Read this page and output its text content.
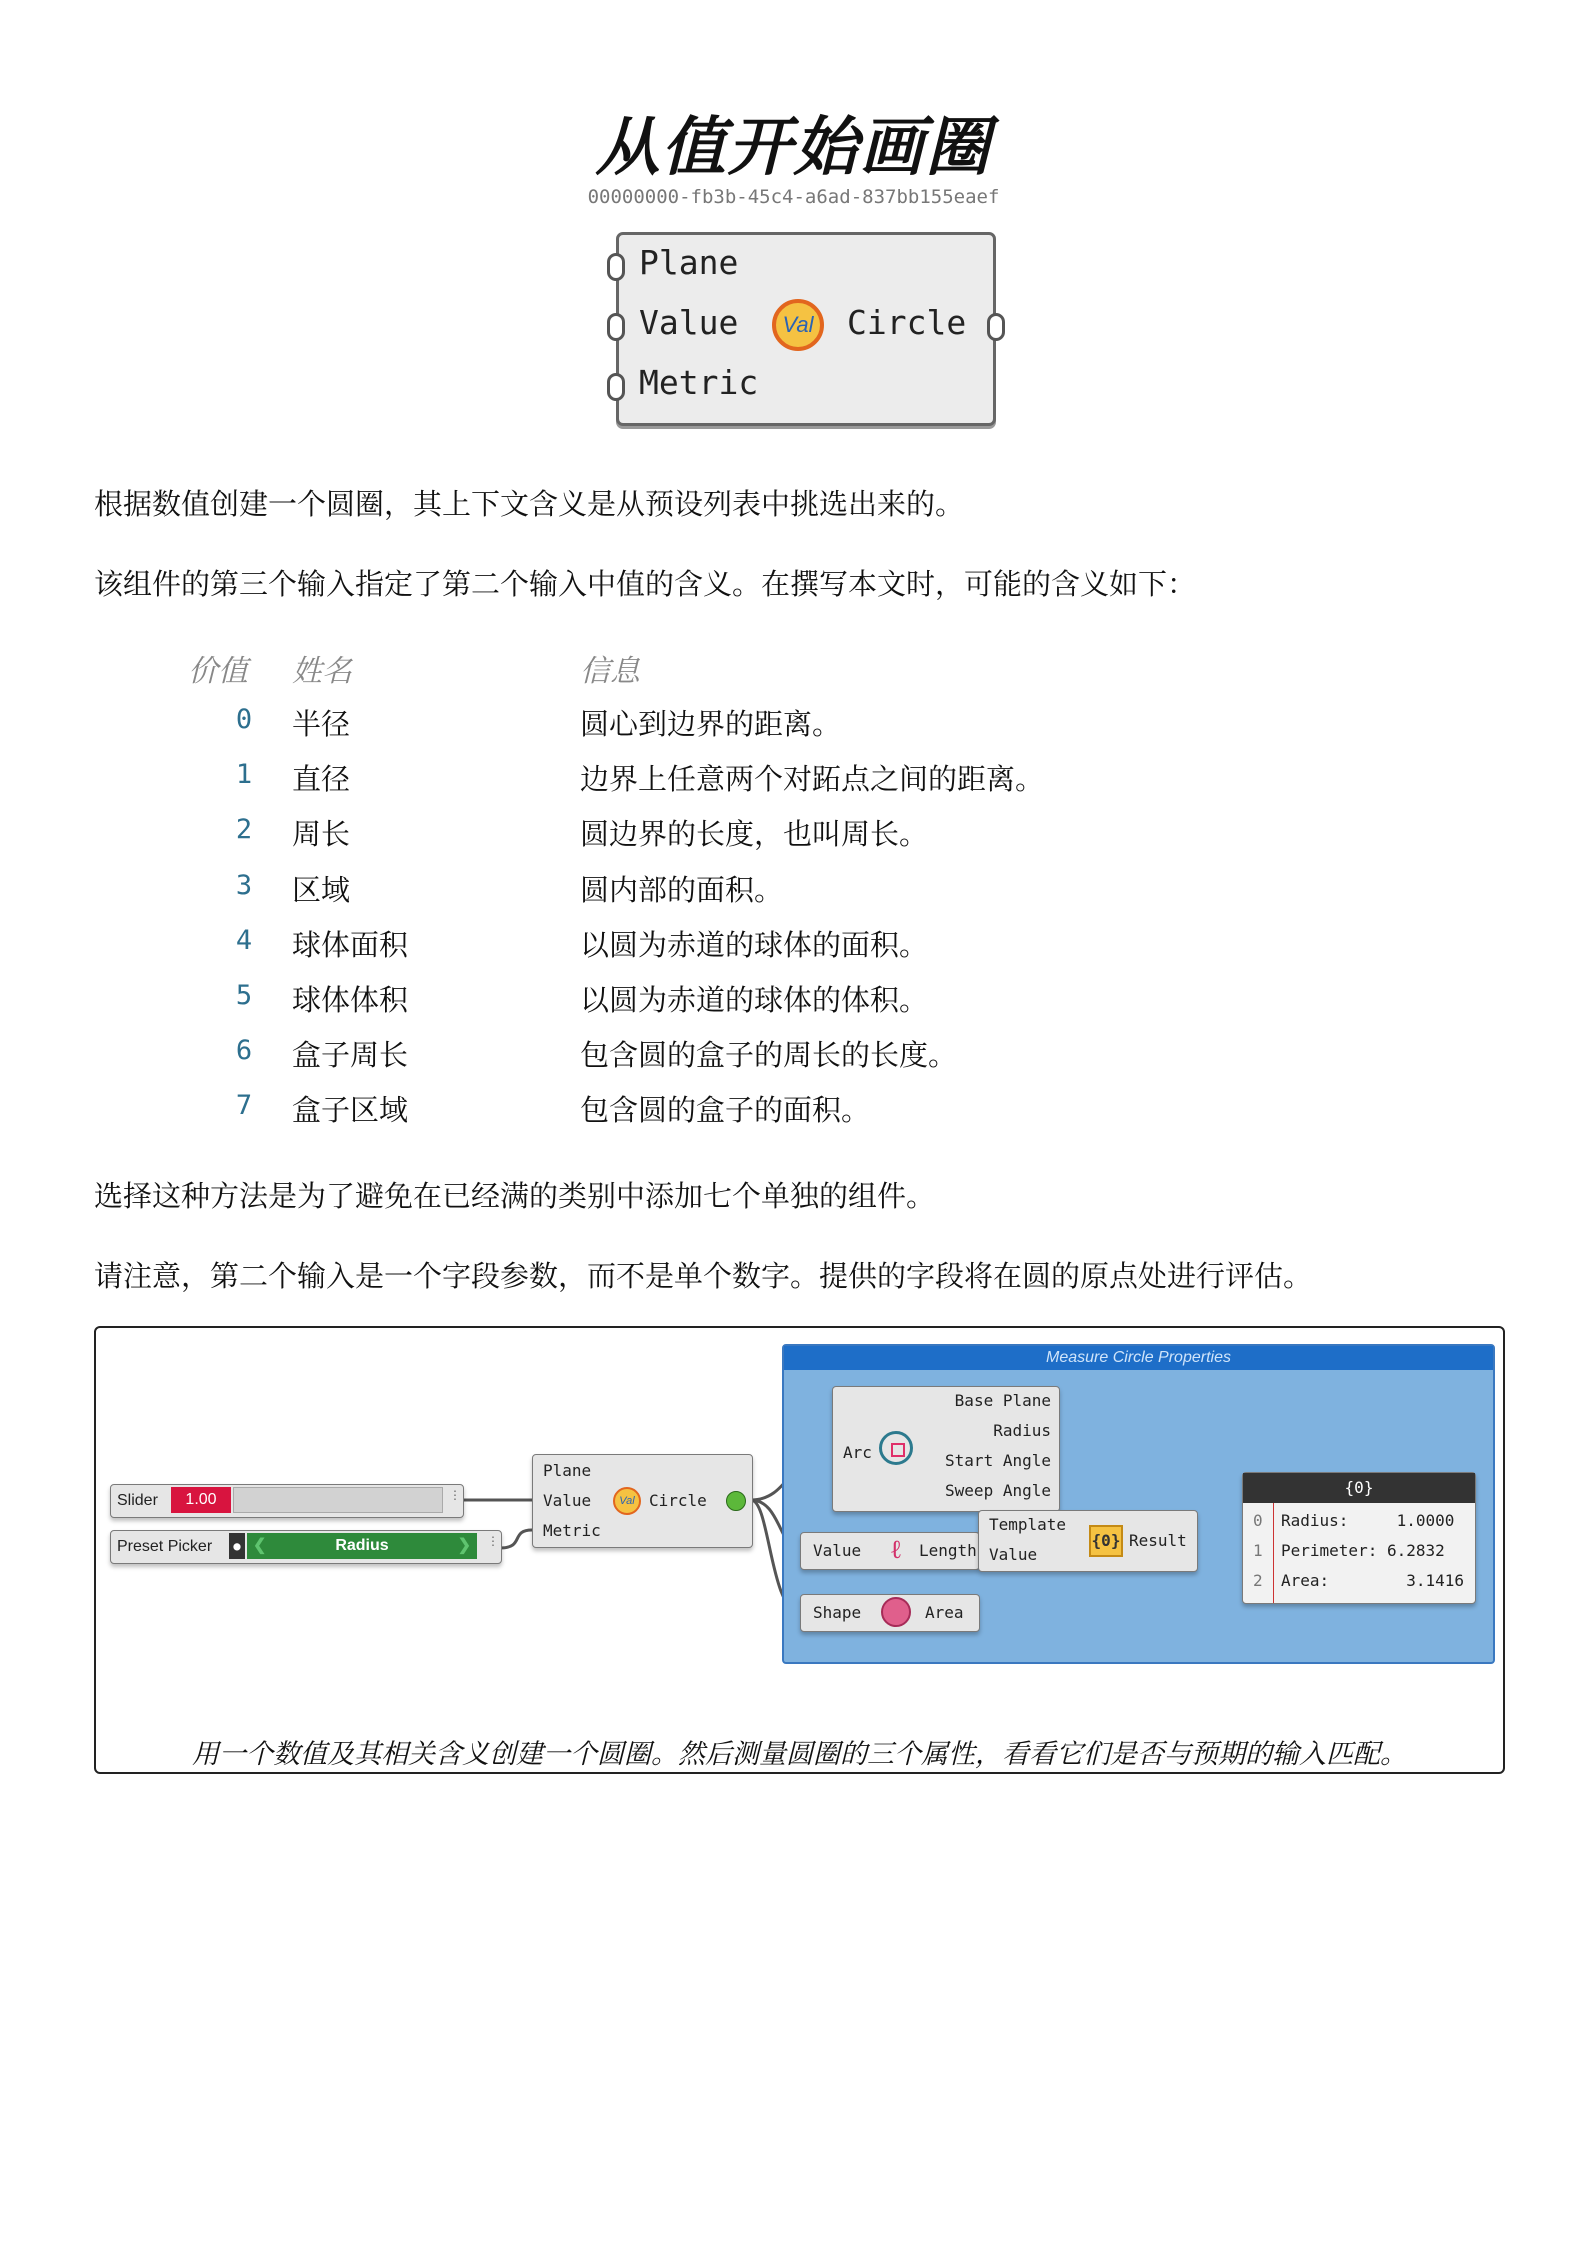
从值开始画圈
00000000-fb3b-45c4-a6ad-837bb155eaef
Plane
Value
Metric
Val Circle
根据数值创建一个圆圈，其上下文含义是从预设列表中挑选出来的。
该组件的第三个输入指定了第二个输入中值的含义。在撰写本文时，可能的含义如下：
价值 姓名	信息
0	半径	圆心到边界的距离。
1	直径	边界上任意两个对跖点之间的距离。
2	周长	圆边界的长度，也叫周长。
3	区域	圆内部的面积。
4	球体面积	以圆为赤道的球体的面积。
5	球体体积	以圆为赤道的球体的体积。
6	盒子周长	包含圆的盒子的周长的长度。
7	盒子区域	包含圆的盒子的面积。
选择这种方法是为了避免在已经满的类别中添加七个单独的组件。
请注意，第二个输入是一个字段参数，而不是单个数字。提供的字段将在圆的原点处进行评估。
Slider	1.00	⋮
Preset Picker	● ❮	Radius	❯ ⋮
Plane
Value
Metric
Val Circle
Measure Circle Properties
Arc
Base Plane
Radius
Start Angle
Sweep Angle
Value	ℓ	Length
Shape	Area
Template
Value
{0} Result
{0}
0 Radius:     1.0000
1 Perimeter: 6.2832
2 Area:        3.1416
用一个数值及其相关含义创建一个圆圈。然后测量圆圈的三个属性，看看它们是否与预期的输入匹配。
